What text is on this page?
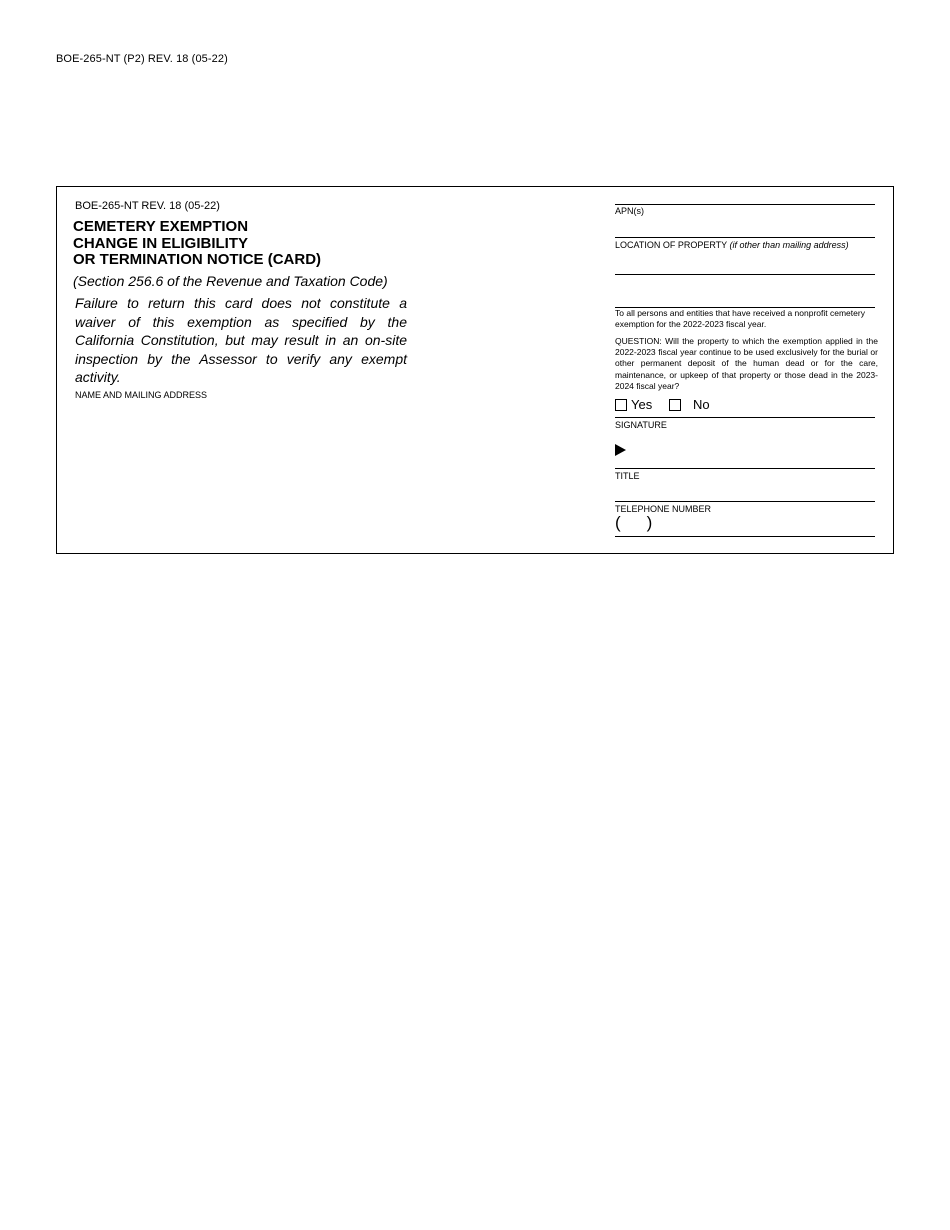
BOE-265-NT (P2) REV. 18 (05-22)
BOE-265-NT REV. 18 (05-22)
CEMETERY EXEMPTION
CHANGE IN ELIGIBILITY
OR TERMINATION NOTICE (CARD)
(Section 256.6 of the Revenue and Taxation Code)
Failure to return this card does not constitute a waiver of this exemption as specified by the California Constitution, but may result in an on-site inspection by the Assessor to verify any exempt activity.
NAME AND MAILING ADDRESS
APN(s)
LOCATION OF PROPERTY (if other than mailing address)
To all persons and entities that have received a nonprofit cemetery exemption for the 2022-2023 fiscal year.
QUESTION: Will the property to which the exemption applied in the 2022-2023 fiscal year continue to be used exclusively for the burial or other permanent deposit of the human dead or for the care, maintenance, or upkeep of that property or those dead in the 2023-2024 fiscal year?
Yes	No
SIGNATURE
TITLE
TELEPHONE NUMBER
( )
